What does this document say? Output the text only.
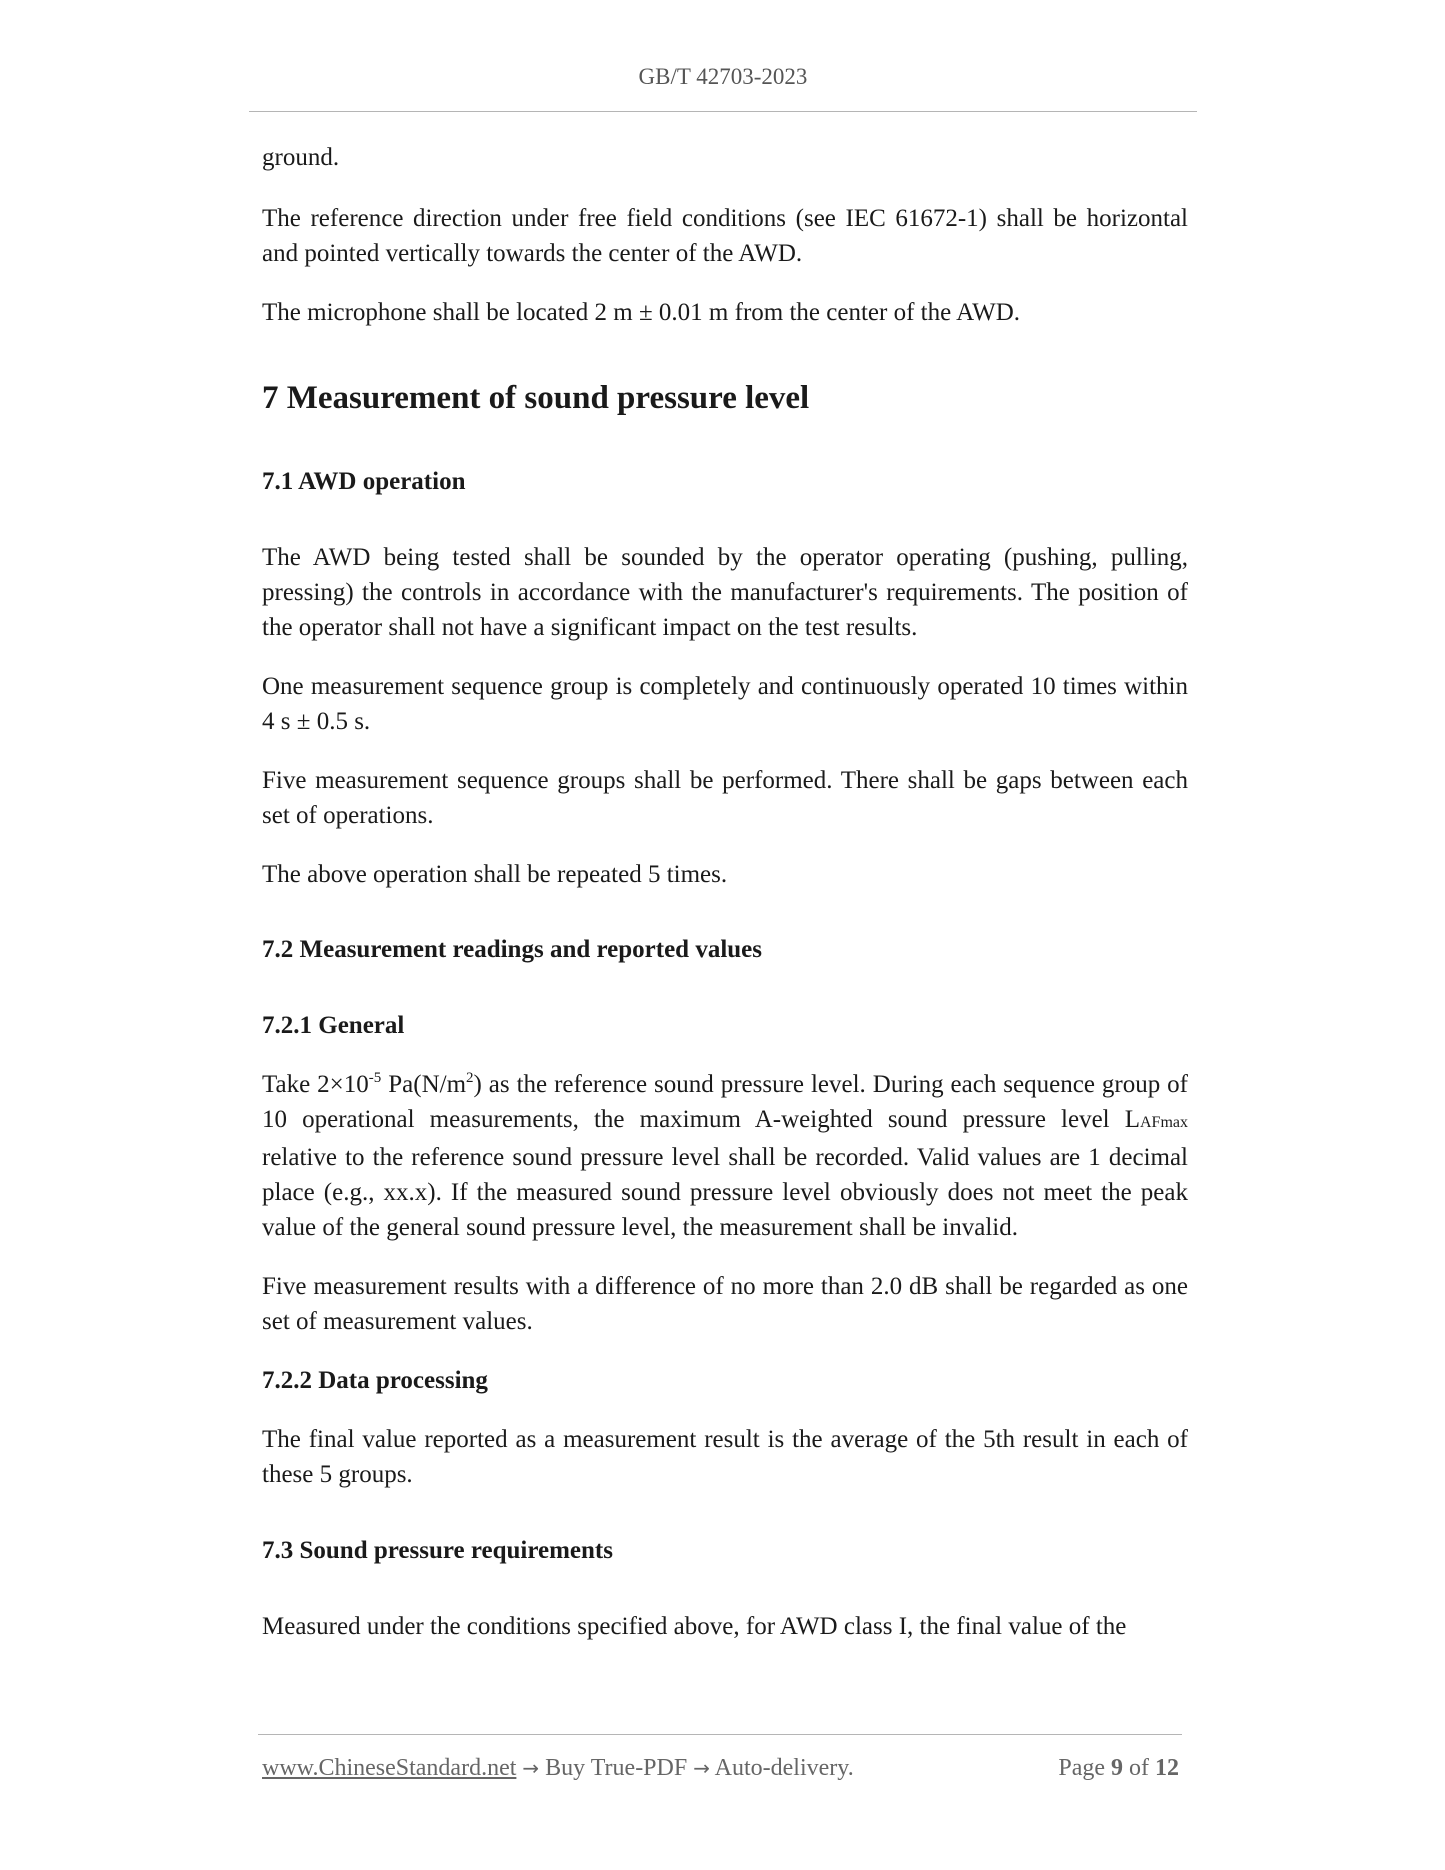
GB/T 42703-2023

ground.

The reference direction under free field conditions (see IEC 61672-1) shall be horizontal and pointed vertically towards the center of the AWD.

The microphone shall be located 2 m ± 0.01 m from the center of the AWD.

7 Measurement of sound pressure level
7.1 AWD operation

The AWD being tested shall be sounded by the operator operating (pushing, pulling, pressing) the controls in accordance with the manufacturer's requirements. The position of the operator shall not have a significant impact on the test results.

One measurement sequence group is completely and continuously operated 10 times within 4 s ± 0.5 s.

Five measurement sequence groups shall be performed. There shall be gaps between each set of operations.

The above operation shall be repeated 5 times.

7.2 Measurement readings and reported values
7.2.1 General

Take $2\times 10^{-5}$ $Pa(N/m^2)$ as the reference sound pressure level. During each sequence group of 10 operational measurements, the maximum A-weighted sound pressure level LAFmax relative to the reference sound pressure level shall be recorded. Valid values are 1 decimal place (e.g., xx.x). If the measured sound pressure level obviously does not meet the peak value of the general sound pressure level, the measurement shall be invalid.

Five measurement results with a difference of no more than 2.0 dB shall be regarded as one set of measurement values.

7.2.2 Data processing

The final value reported as a measurement result is the average of the 5th result in each of these 5 groups.

7.3 Sound pressure requirements

Measured under the conditions specified above, for AWD class I, the final value of the

www.ChineseStandard.net → Buy True-PDF → Auto-delivery.	Page 9 of 12
